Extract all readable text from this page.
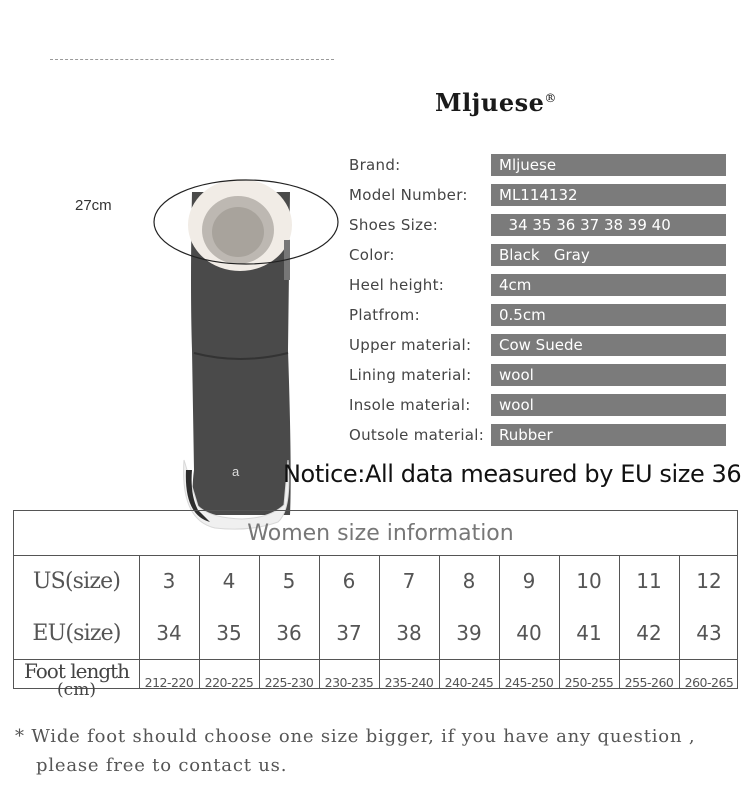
Mljuese®
27cm
a
Brand:	Mljuese
Model Number:	ML114132
Shoes Size:	34 35 36 37 38 39 40
Color:	Black   Gray
Heel height:	4cm
Platfrom:	0.5cm
Upper material:	Cow Suede
Lining material:	wool
Insole material:	wool
Outsole material: Rubber
Notice:All data measured by EU size 36
Women size information
US(size)	3	4	5	6	7	8	9	10	11	12
EU(size)	34	35	36	37	38	39	40	41	42	43
Foot length
(cm)	212-220 220-225 225-230 230-235 235-240 240-245 245-250 250-255 255-260 260-265
* Wide foot should choose one size bigger, if you have any question ,
please free to contact us.
